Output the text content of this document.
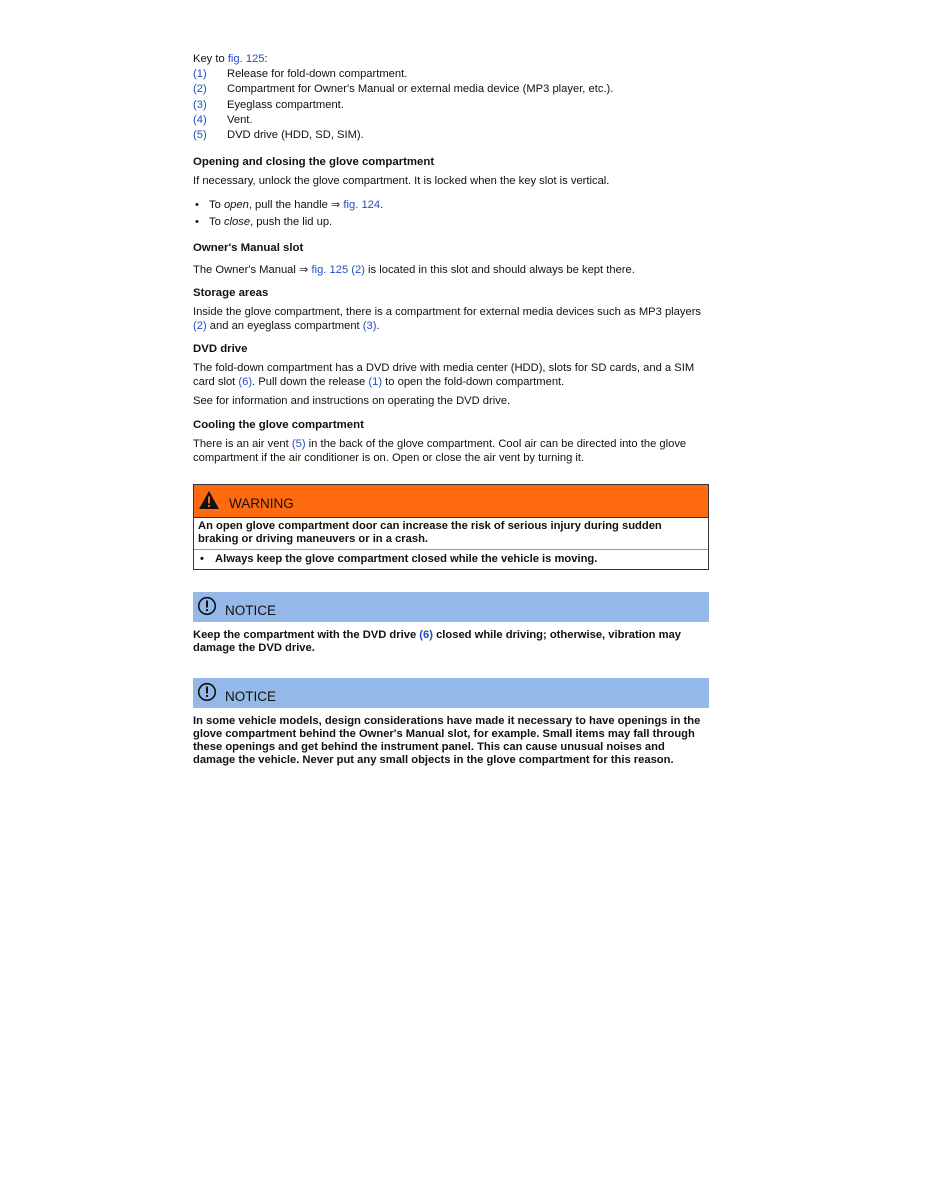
Key to fig. 125:

(1)	Release for fold-down compartment.
(2)	Compartment for Owner's Manual or external media device (MP3 player, etc.).
(3)	Eyeglass compartment.
(4)	Vent.
(5)	DVD drive (HDD, SD, SIM).
Opening and closing the glove compartment

If necessary, unlock the glove compartment. It is locked when the key slot is vertical.

• To open, pull the handle ⇒ fig. 124.
• To close, push the lid up.
Owner's Manual slot

The Owner's Manual ⇒ fig. 125 (2) is located in this slot and should always be kept there.

Storage areas

Inside the glove compartment, there is a compartment for external media devices such as MP3 players (2) and an eyeglass compartment (3).

DVD drive

The fold-down compartment has a DVD drive with media center (HDD), slots for SD cards, and a SIM card slot (6). Pull down the release (1) to open the fold-down compartment.

See for information and instructions on operating the DVD drive.

Cooling the glove compartment

There is an air vent (5) in the back of the glove compartment. Cool air can be directed into the glove compartment if the air conditioner is on. Open or close the air vent by turning it.

WARNING

An open glove compartment door can increase the risk of serious injury during sudden braking or driving maneuvers or in a crash.

• Always keep the glove compartment closed while the vehicle is moving.
NOTICE
Keep the compartment with the DVD drive (6) closed while driving; otherwise, vibration may damage the DVD drive.
NOTICE
In some vehicle models, design considerations have made it necessary to have openings in the glove compartment behind the Owner's Manual slot, for example. Small items may fall through these openings and get behind the instrument panel. This can cause unusual noises and damage the vehicle. Never put any small objects in the glove compartment for this reason.
